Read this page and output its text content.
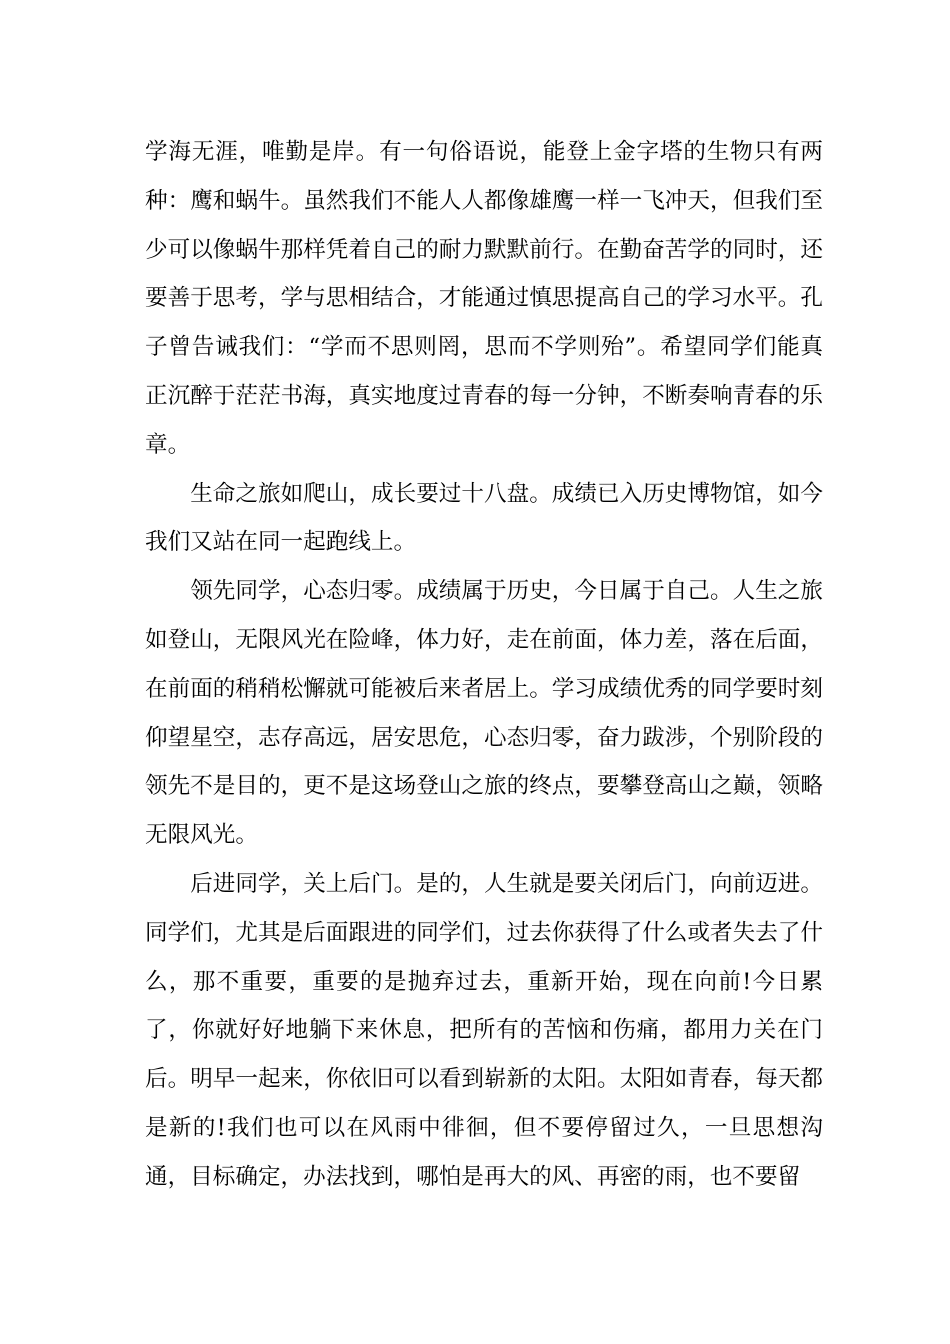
学海无涯，唯勤是岸。有一句俗语说，能登上金字塔的生物只有两种：鹰和蜗牛。虽然我们不能人人都像雄鹰一样一飞冲天，但我们至少可以像蜗牛那样凭着自己的耐力默默前行。在勤奋苦学的同时，还要善于思考，学与思相结合，才能通过慎思提高自己的学习水平。孔子曾告诫我们：“学而不思则罔，思而不学则殆”。希望同学们能真正沉醉于茫茫书海，真实地度过青春的每一分钟，不断奏响青春的乐章。

生命之旅如爬山，成长要过十八盘。成绩已入历史博物馆，如今我们又站在同一起跑线上。

领先同学，心态归零。成绩属于历史，今日属于自己。人生之旅如登山，无限风光在险峰，体力好，走在前面，体力差，落在后面，在前面的稍稍松懈就可能被后来者居上。学习成绩优秀的同学要时刻仰望星空，志存高远，居安思危，心态归零，奋力跋涉，个别阶段的领先不是目的，更不是这场登山之旅的终点，要攀登高山之巅，领略无限风光。

后进同学，关上后门。是的，人生就是要关闭后门，向前迈进。同学们，尤其是后面跟进的同学们，过去你获得了什么或者失去了什么，那不重要，重要的是抛弃过去，重新开始，现在向前!今日累了，你就好好地躺下来休息，把所有的苦恼和伤痛，都用力关在门后。明早一起来，你依旧可以看到崭新的太阳。太阳如青春，每天都是新的!我们也可以在风雨中徘徊，但不要停留过久，一旦思想沟通，目标确定，办法找到，哪怕是再大的风、再密的雨，也不要留
